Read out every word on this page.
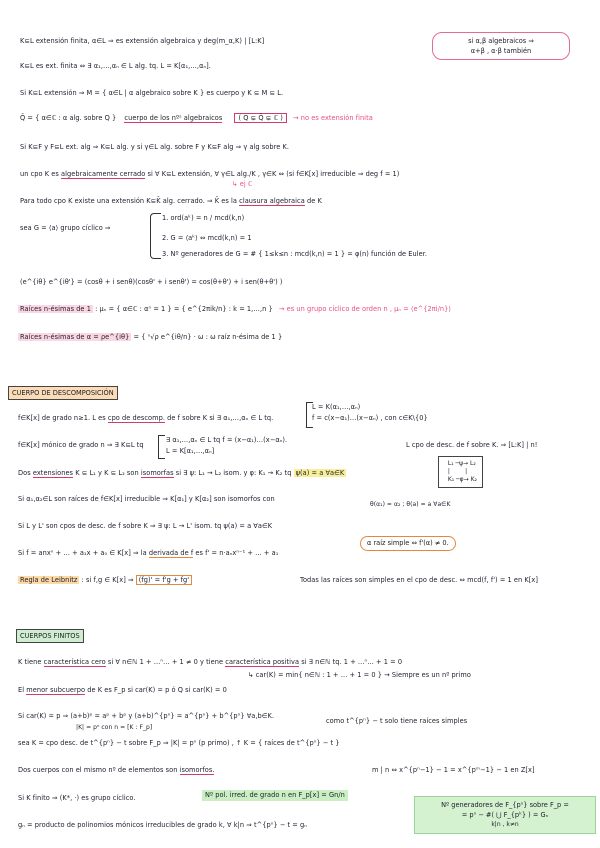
si α,β algebraicos ⇒
α+β , α·β también
K⊆L extensión finita, α∈L ⇒ es extensión algebraica y deg(m_α,K) | [L:K]
K⊆L es ext. finita ⇔ ∃ α₁,…,αₙ ∈ L alg. tq. L = K[α₁,…,αₙ].
Si K⊆L extensión ⇒ M = { α∈L | α algebraico sobre K } es cuerpo y K ⊆ M ⊆ L.
Q̄ = { α∈ℂ : α alg. sobre Q } cuerpo de los nºˢ algebraicos ( Q ⊊ Q̄ ⊊ ℂ ) → no es extensión finita
Si K⊆F y F⊆L ext. alg ⇒ K⊆L alg. y si γ∈L alg. sobre F y K⊆F alg ⇒ γ alg sobre K.
un cpo K es algebraicamente cerrado si ∀ K⊆L extensión, ∀ γ∈L alg./K , γ∈K ⇔ (si f∈K[x] irreducible ⇒ deg f = 1)
↳ ej ℂ
Para todo cpo K existe una extensión K⊆K̄ alg. cerrado. ⇒ K̄ es la clausura algebraica de K
sea G = ⟨a⟩ grupo cíclico ⇒
1. ord(aᵏ) = n / mcd(k,n)
2. G = ⟨aᵏ⟩ ⇔ mcd(k,n) = 1
3. Nº generadores de G = # { 1≤k≤n : mcd(k,n) = 1 } = φ(n) función de Euler.
(e^{iθ} e^{iθ'} = (cosθ + i senθ)(cosθ' + i senθ') = cos(θ+θ') + i sen(θ+θ') )
Raíces n-ésimas de 1 : μₙ = { α∈ℂ : αⁿ = 1 } = { e^{2πik/n} : k = 1,…,n } → es un grupo cíclico de orden n , μₙ = ⟨e^{2πi/n}⟩
Raíces n-ésimas de α = ρe^{iθ} = { ⁿ√ρ e^{iθ/n} · ω : ω raíz n-ésima de 1 }
CUERPO DE DESCOMPOSICIÓN
f∈K[x] de grado n≥1. L es cpo de descomp. de f sobre K si ∃ α₁,…,αₙ ∈ L tq.
L = K(α₁,…,αₙ)
f = c(x−α₁)…(x−αₙ) , con c∈K\{0}
f∈K[x] mónico de grado n ⇒ ∃ K⊆L tq
∃ α₁,…,αₙ ∈ L tq f = (x−α₁)…(x−αₙ).
L = K[α₁,…,αₙ]
L cpo de desc. de f sobre K. ⇒ [L:K] | n!
Dos extensiones K ⊆ L₁ y K ⊆ L₂ son isomorfas si ∃ ψ: L₁ → L₂ isom. y φ: K₁ → K₂ tq ψ(a) = a ∀a∈K
L₁ ─ψ→ L₂
|        |
K₁ ─φ→ K₂
Si α₁,α₂∈L son raíces de f∈K[x] irreducible ⇒ K[α₁] y K[α₂] son isomorfos con
θ(α₁) = α₂ ; θ(a) = a ∀a∈K
Si L y L' son cpos de desc. de f sobre K ⇒ ∃ ψ: L → L' isom. tq ψ(a) = a ∀a∈K
α raíz simple ⇔ f'(α) ≠ 0.
Si f = anxⁿ + … + a₁x + a₀ ∈ K[x] ⇒ la derivada de f es f' = n·aₙxⁿ⁻¹ + … + a₁
Regla de Leibnitz : si f,g ∈ K[x] ⇒ (fg)' = f'g + fg'	Todas las raíces son simples en el cpo de desc. ⇔ mcd(f, f') = 1 en K[x]
CUERPOS FINITOS
K tiene característica cero si ∀ n∈ℕ 1 + …ⁿ… + 1 ≠ 0 y tiene característica positiva si ∃ n∈ℕ tq. 1 + …ⁿ… + 1 = 0
↳ car(K) = min{ n∈ℕ : 1 + … + 1 = 0 } → Siempre es un nº primo
El menor subcuerpo de K es F_p si car(K) = p ó Q si car(K) = 0
Si car(K) = p ⇒ (a+b)ᵖ = aᵖ + bᵖ y (a+b)^{pⁿ} = a^{pⁿ} + b^{pⁿ} ∀a,b∈K.
como t^{pⁿ} − t solo tiene raíces simples
|K| = pⁿ con n = [K : F_p]
sea K = cpo desc. de t^{pⁿ} − t sobre F_p ⇒ |K| = pⁿ (p primo) , ↑ K = { raíces de t^{pⁿ} − t }
Dos cuerpos con el mismo nº de elementos son isomorfos.	m | n ⇔ x^{pⁿ−1} − 1 = x^{pᵐ−1} − 1 en Z[x]
Si K finito ⇒ (K*, ·) es grupo cíclico.	Nº pol. irred. de grado n en F_p[x] = Gn/n
Nº generadores de F_{pⁿ} sobre F_p =
= pⁿ − #( ⋃ F_{pᵏ} ) = Gₙ
k|n , k≠n
gₙ = producto de polinomios mónicos irreducibles de grado k, ∀ k|n ⇒ t^{pⁿ} − t = gₙ
